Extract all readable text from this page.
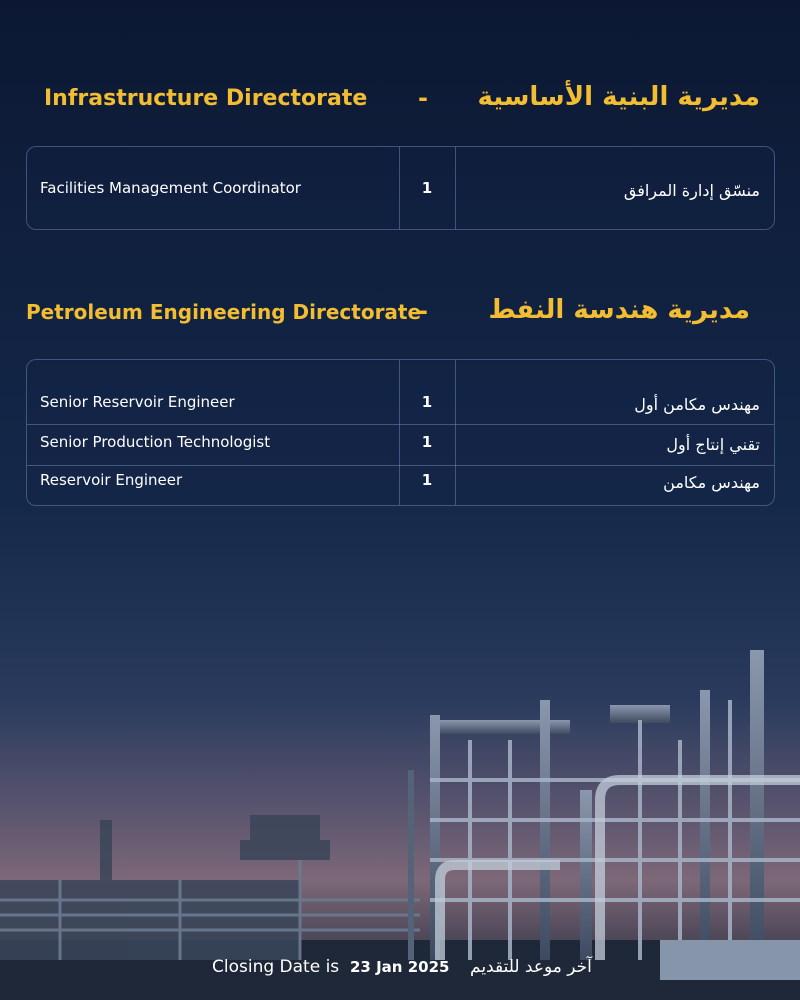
Infrastructure Directorate - مديرية البنية الأساسية
Facilities Management Coordinator	1	منسّق إدارة المرافق
Petroleum Engineering Directorate
- مديرية هندسة النفط
Senior Reservoir Engineer	1	مهندس مكامن أول
Senior Production Technologist	1	تقني إنتاج أول
Reservoir Engineer	1	مهندس مكامن
Closing Date is 23 Jan 2025 آخر موعد للتقديم
